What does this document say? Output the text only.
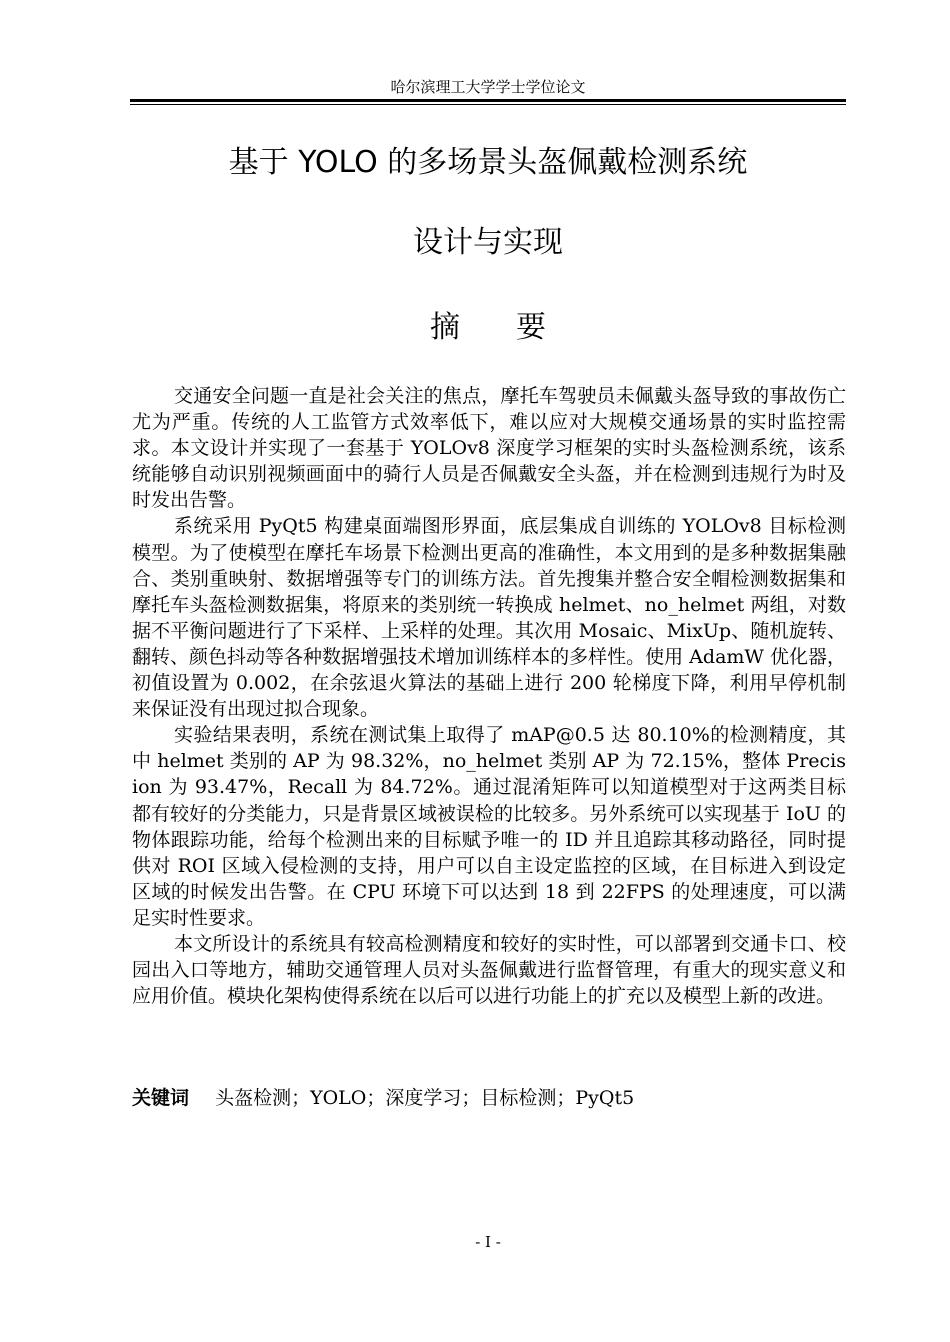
哈尔滨理工大学学士学位论文
基于 YOLO 的多场景头盔佩戴检测系统
设计与实现
摘要

交通安全问题一直是社会关注的焦点，摩托车驾驶员未佩戴头盔导致的事故伤亡尤为严重。传统的人工监管方式效率低下，难以应对大规模交通场景的实时监控需求。本文设计并实现了一套基于 YOLOv8 深度学习框架的实时头盔检测系统，该系统能够自动识别视频画面中的骑行人员是否佩戴安全头盔，并在检测到违规行为时及时发出告警。

系统采用 PyQt5 构建桌面端图形界面，底层集成自训练的 YOLOv8 目标检测模型。为了使模型在摩托车场景下检测出更高的准确性，本文用到的是多种数据集融合、类别重映射、数据增强等专门的训练方法。首先搜集并整合安全帽检测数据集和摩托车头盔检测数据集，将原来的类别统一转换成 helmet、no_helmet 两组，对数据不平衡问题进行了下采样、上采样的处理。其次用 Mosaic、MixUp、随机旋转、翻转、颜色抖动等各种数据增强技术增加训练样本的多样性。使用 AdamW 优化器，初值设置为 0.002，在余弦退火算法的基础上进行 200 轮梯度下降，利用早停机制来保证没有出现过拟合现象。

实验结果表明，系统在测试集上取得了 mAP@0.5 达 80.10%的检测精度，其中 helmet 类别的 AP 为 98.32%，no_helmet 类别 AP 为 72.15%，整体 Precision 为 93.47%，Recall 为 84.72%。通过混淆矩阵可以知道模型对于这两类目标都有较好的分类能力，只是背景区域被误检的比较多。另外系统可以实现基于 IoU 的物体跟踪功能，给每个检测出来的目标赋予唯一的 ID 并且追踪其移动路径，同时提供对 ROI 区域入侵检测的支持，用户可以自主设定监控的区域，在目标进入到设定区域的时候发出告警。在 CPU 环境下可以达到 18 到 22FPS 的处理速度，可以满足实时性要求。

本文所设计的系统具有较高检测精度和较好的实时性，可以部署到交通卡口、校园出入口等地方，辅助交通管理人员对头盔佩戴进行监督管理，有重大的现实意义和应用价值。模块化架构使得系统在以后可以进行功能上的扩充以及模型上新的改进。

关键词 头盔检测；YOLO；深度学习；目标检测；PyQt5
- I -
